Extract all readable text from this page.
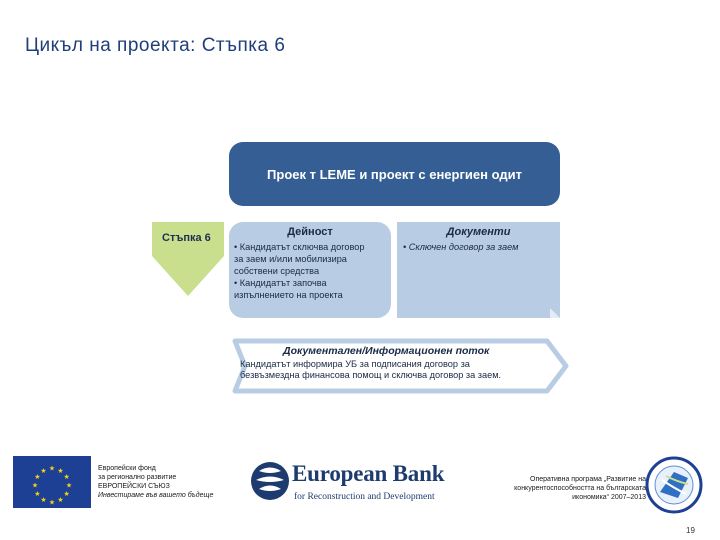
Цикъл на проекта: Стъпка 6
Проек т LEME и проект с енергиен одит
Стъпка 6	Дейност
• Кандидатът сключва договор
за заем и/или мобилизира
собствени средства
• Кандидатът започва
изпълнението на проекта
Документи
• Сключен договор за заем
Документален/Информационен поток
Кандидатът информира УБ за подписания договор за
безвъзмездна финансова помощ и сключва договор за заем.
★ ★
★
★
★
★
★
★
★
★
★
★	Европейски фонд
за регионално развитие
ЕВРОПЕЙСКИ СЪЮЗ
Инвестираме във вашето бъдеще
European Bank
for Reconstruction and Development
Оперативна програма „Развитие на
конкурентоспособността на българската
икономика“ 2007–2013
19
